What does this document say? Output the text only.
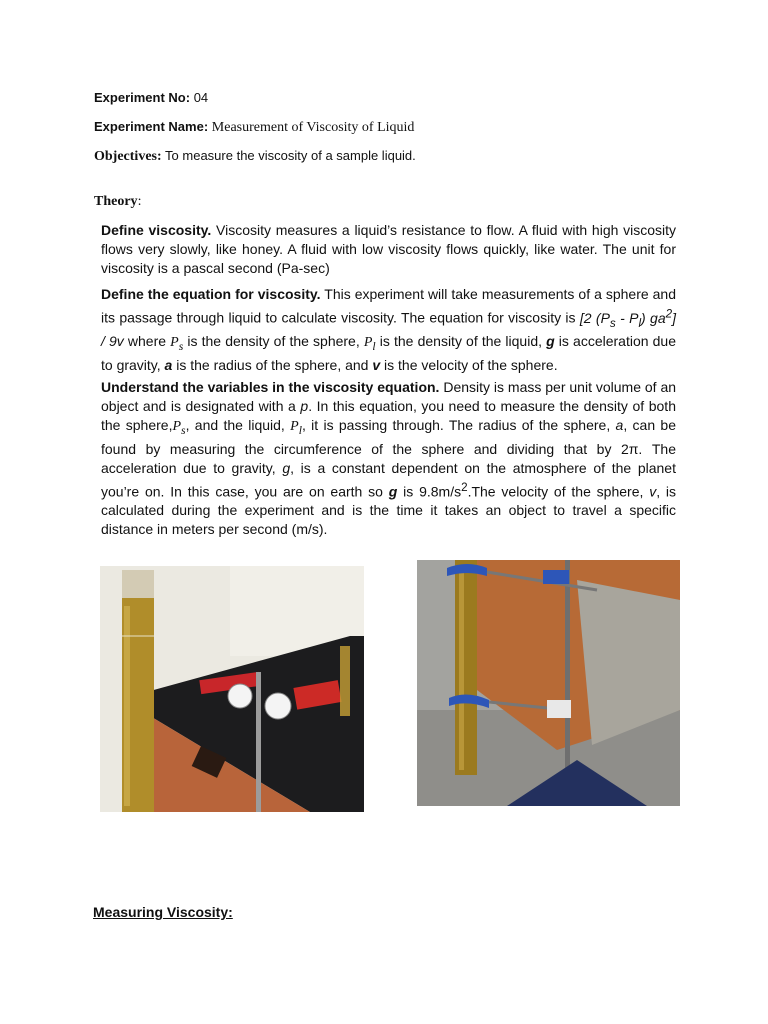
Experiment No: 04
Experiment Name: Measurement of Viscosity of Liquid
Objectives: To measure the viscosity of a sample liquid.
Theory:

Define viscosity. Viscosity measures a liquid’s resistance to flow. A fluid with high viscosity flows very slowly, like honey. A fluid with low viscosity flows quickly, like water. The unit for viscosity is a pascal second (Pa-sec)

Define the equation for viscosity. This experiment will take measurements of a sphere and its passage through liquid to calculate viscosity. The equation for viscosity is [2 $(P_s - P_l)$ $ga^2] / 9v$ where $P_s$ is the density of the sphere, $P_l$ is the density of the liquid, g is acceleration due to gravity, a is the radius of the sphere, and v is the velocity of the sphere.

Understand the variables in the viscosity equation. Density is mass per unit volume of an object and is designated with a p. In this equation, you need to measure the density of both the $sphere,P_s$, and the liquid, $P_l$, it is passing through. The radius of the sphere, a, can be found by measuring the circumference of the sphere and dividing that by 2π. The acceleration due to gravity, g, is a constant dependent on the atmosphere of the planet you’re on. In this case, you are on earth so g is $9.8m/s^2.The$ velocity of the sphere, v, is calculated during the experiment and is the time it takes an object to travel a specific distance in meters per second (m/s).

Measuring Viscosity:
